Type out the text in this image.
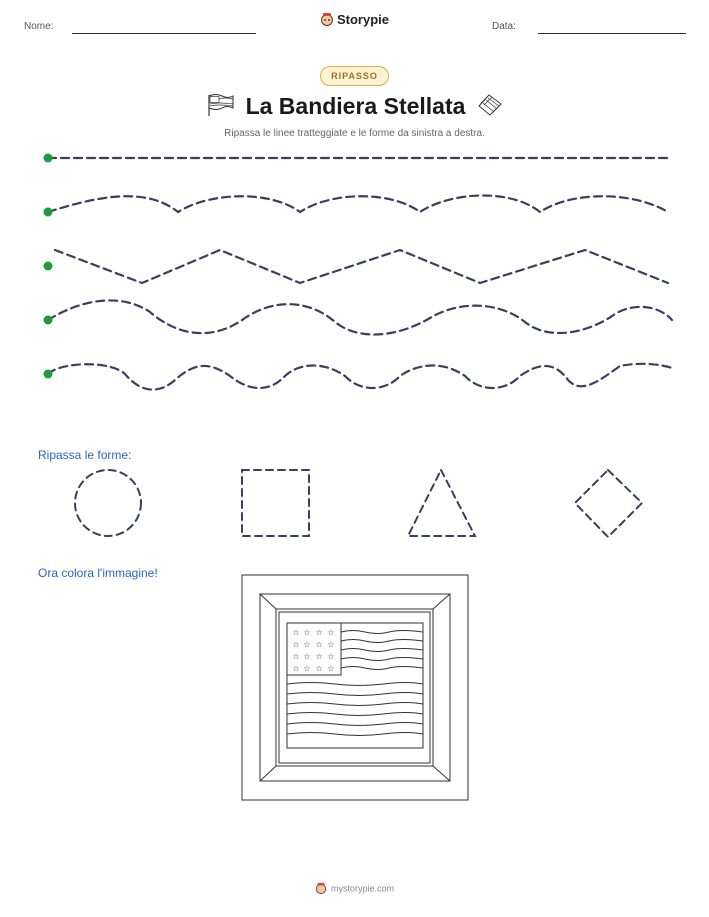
Nome:	Data:
Storypie
RIPASSO
La Bandiera Stellata
Ripassa le linee tratteggiate e le forme da sinistra a destra.
Ripassa le forme:
Ora colora l'immagine!
☆ ☆ ☆ ☆
☆ ☆ ☆ ☆
☆ ☆ ☆ ☆
☆ ☆ ☆ ☆
mystorypie.com
